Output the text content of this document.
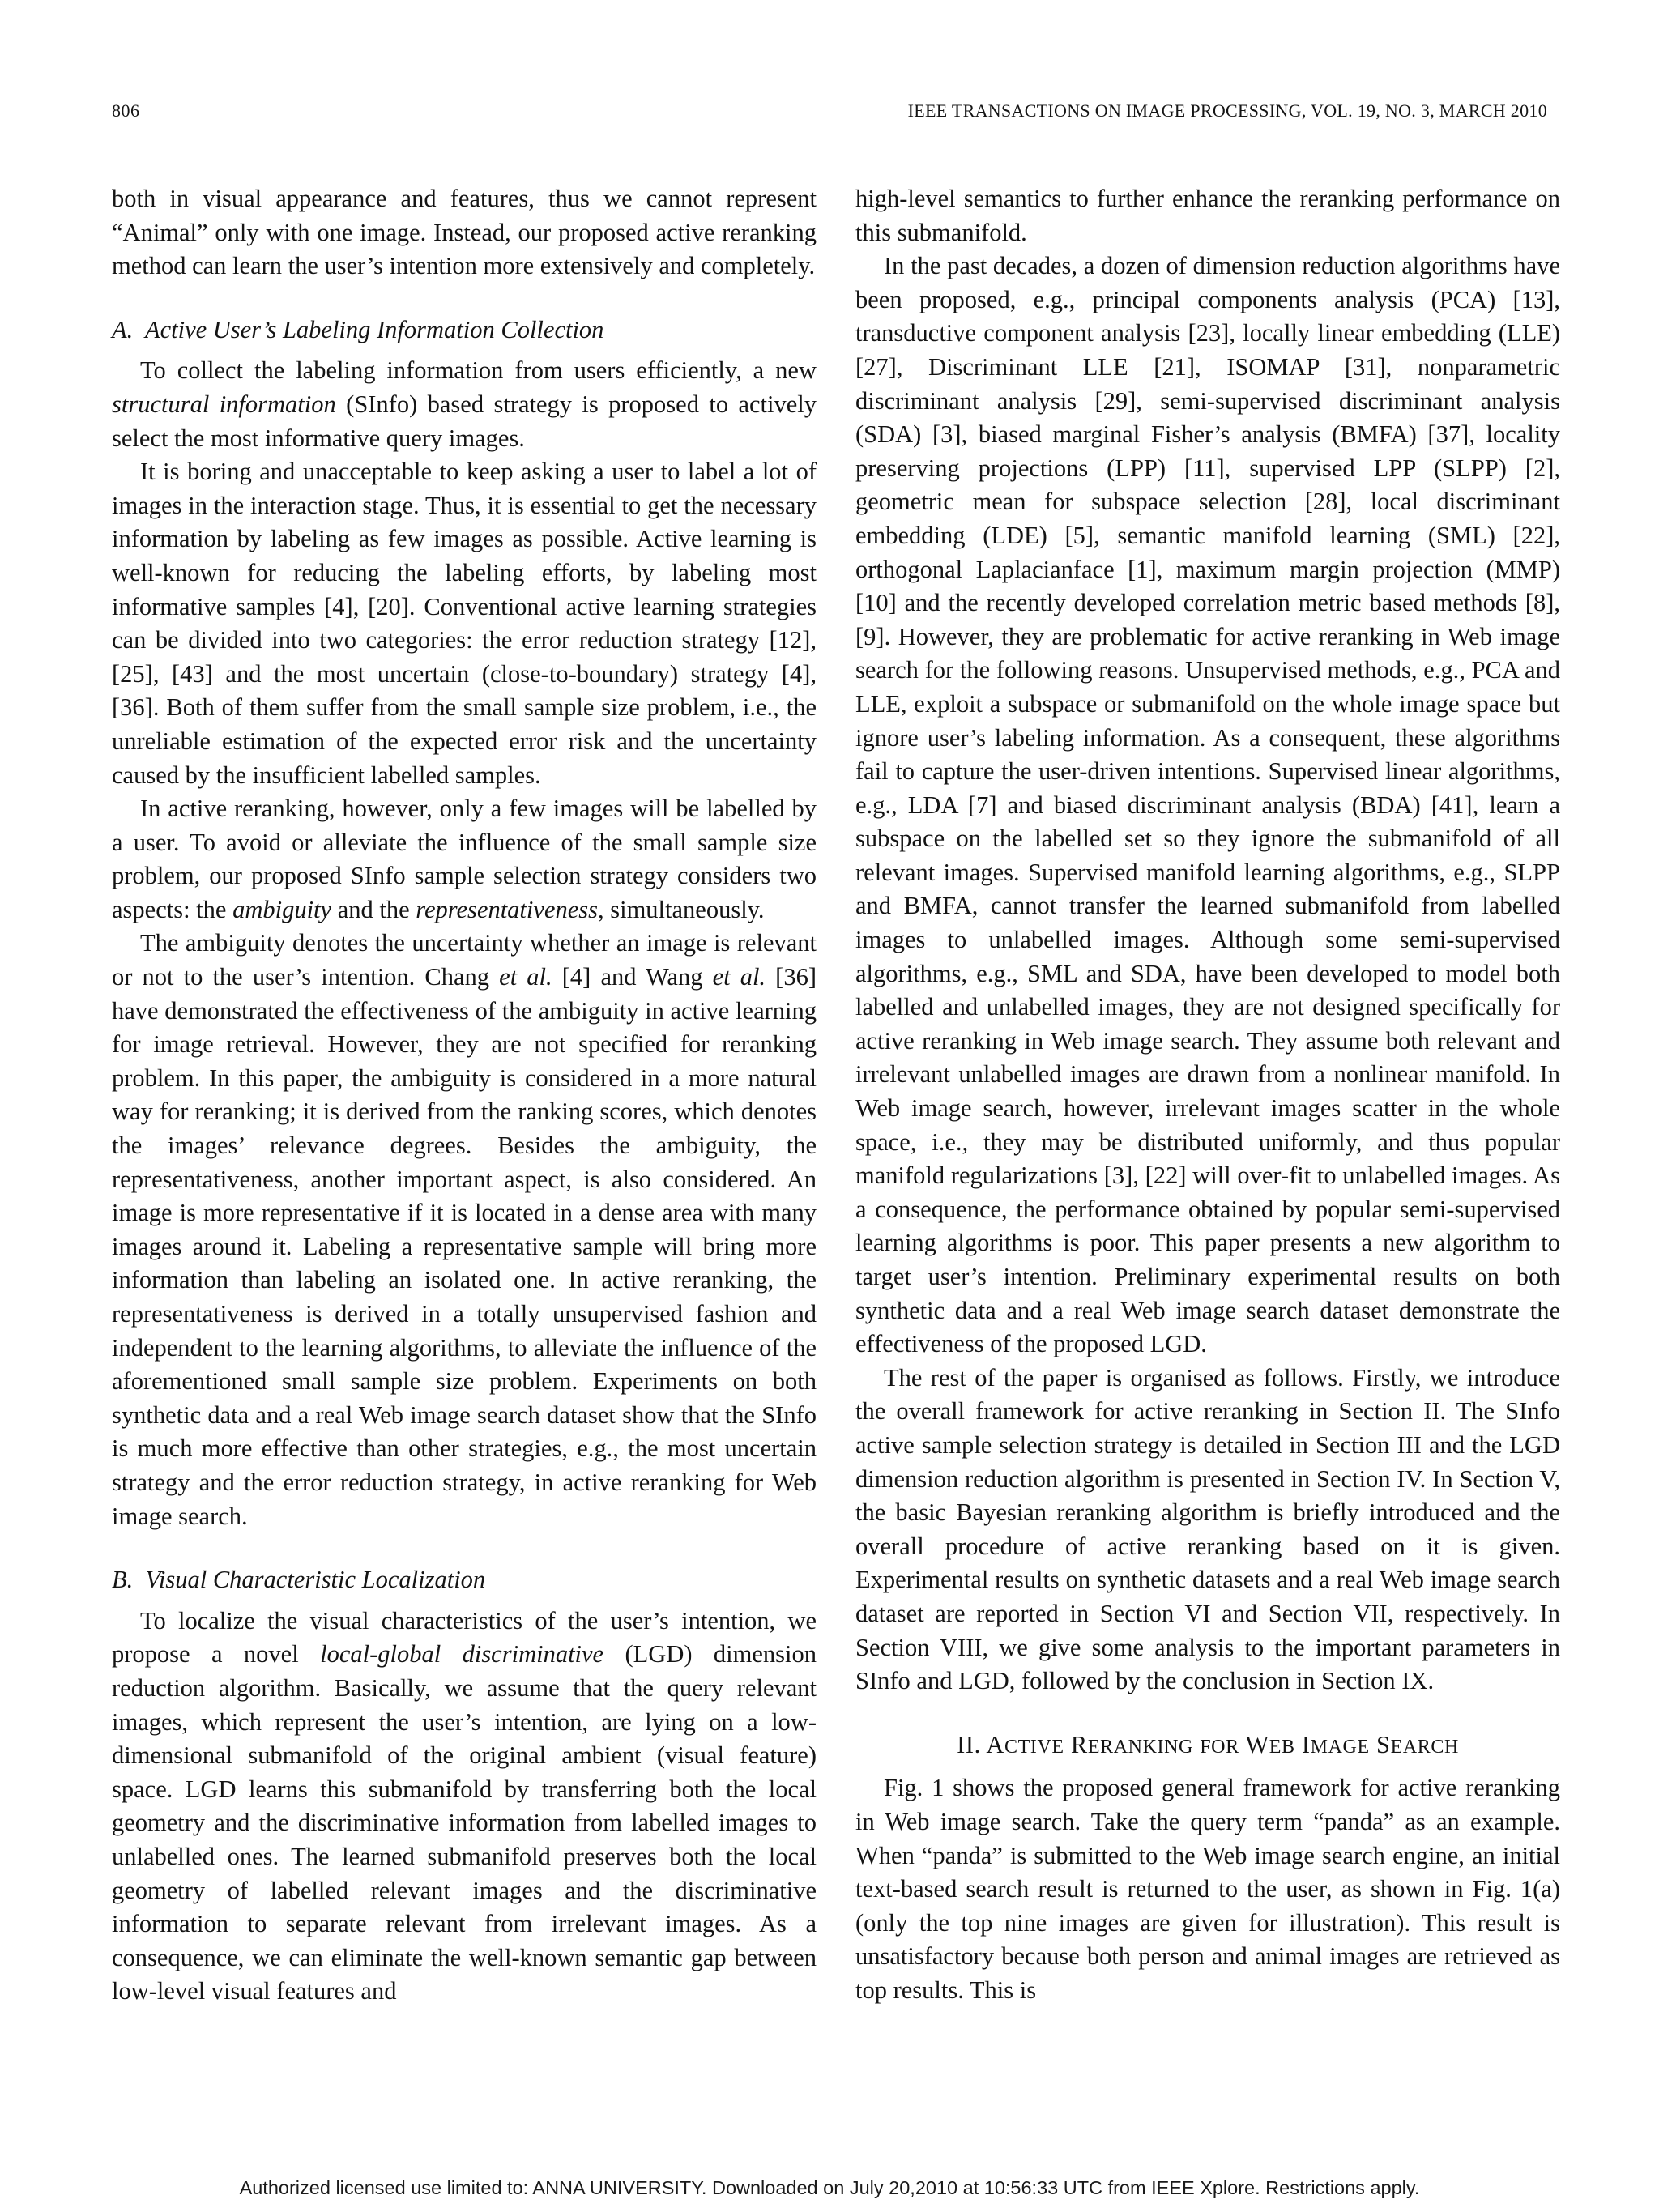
806	IEEE TRANSACTIONS ON IMAGE PROCESSING, VOL. 19, NO. 3, MARCH 2010

both in visual appearance and features, thus we cannot represent “Animal” only with one image. Instead, our proposed active reranking method can learn the user’s intention more extensively and completely.

A. Active User’s Labeling Information Collection

To collect the labeling information from users efficiently, a new structural information (SInfo) based strategy is proposed to actively select the most informative query images.

It is boring and unacceptable to keep asking a user to label a lot of images in the interaction stage. Thus, it is essential to get the necessary information by labeling as few images as possible. Active learning is well-known for reducing the labeling efforts, by labeling most informative samples [4], [20]. Conventional active learning strategies can be divided into two categories: the error reduction strategy [12], [25], [43] and the most uncertain (close-to-boundary) strategy [4], [36]. Both of them suffer from the small sample size problem, i.e., the unreliable estimation of the expected error risk and the uncertainty caused by the insufficient labelled samples.

In active reranking, however, only a few images will be labelled by a user. To avoid or alleviate the influence of the small sample size problem, our proposed SInfo sample selection strategy considers two aspects: the ambiguity and the representativeness, simultaneously.

The ambiguity denotes the uncertainty whether an image is relevant or not to the user’s intention. Chang et al. [4] and Wang et al. [36] have demonstrated the effectiveness of the ambiguity in active learning for image retrieval. However, they are not specified for reranking problem. In this paper, the ambiguity is considered in a more natural way for reranking; it is derived from the ranking scores, which denotes the images’ relevance degrees. Besides the ambiguity, the representativeness, another important aspect, is also considered. An image is more representative if it is located in a dense area with many images around it. Labeling a representative sample will bring more information than labeling an isolated one. In active reranking, the representativeness is derived in a totally unsupervised fashion and independent to the learning algorithms, to alleviate the influence of the aforementioned small sample size problem. Experiments on both synthetic data and a real Web image search dataset show that the SInfo is much more effective than other strategies, e.g., the most uncertain strategy and the error reduction strategy, in active reranking for Web image search.

B. Visual Characteristic Localization

To localize the visual characteristics of the user’s intention, we propose a novel local-global discriminative (LGD) dimension reduction algorithm. Basically, we assume that the query relevant images, which represent the user’s intention, are lying on a low-dimensional submanifold of the original ambient (visual feature) space. LGD learns this submanifold by transferring both the local geometry and the discriminative information from labelled images to unlabelled ones. The learned submanifold preserves both the local geometry of labelled relevant images and the discriminative information to separate relevant from irrelevant images. As a consequence, we can eliminate the well-known semantic gap between low-level visual features and

high-level semantics to further enhance the reranking performance on this submanifold.

In the past decades, a dozen of dimension reduction algorithms have been proposed, e.g., principal components analysis (PCA) [13], transductive component analysis [23], locally linear embedding (LLE) [27], Discriminant LLE [21], ISOMAP [31], nonparametric discriminant analysis [29], semi-supervised discriminant analysis (SDA) [3], biased marginal Fisher’s analysis (BMFA) [37], locality preserving projections (LPP) [11], supervised LPP (SLPP) [2], geometric mean for subspace selection [28], local discriminant embedding (LDE) [5], semantic manifold learning (SML) [22], orthogonal Laplacianface [1], maximum margin projection (MMP) [10] and the recently developed correlation metric based methods [8], [9]. However, they are problematic for active reranking in Web image search for the following reasons. Unsupervised methods, e.g., PCA and LLE, exploit a subspace or submanifold on the whole image space but ignore user’s labeling information. As a consequent, these algorithms fail to capture the user-driven intentions. Supervised linear algorithms, e.g., LDA [7] and biased discriminant analysis (BDA) [41], learn a subspace on the labelled set so they ignore the submanifold of all relevant images. Supervised manifold learning algorithms, e.g., SLPP and BMFA, cannot transfer the learned submanifold from labelled images to unlabelled images. Although some semi-supervised algorithms, e.g., SML and SDA, have been developed to model both labelled and unlabelled images, they are not designed specifically for active reranking in Web image search. They assume both relevant and irrelevant unlabelled images are drawn from a nonlinear manifold. In Web image search, however, irrelevant images scatter in the whole space, i.e., they may be distributed uniformly, and thus popular manifold regularizations [3], [22] will over-fit to unlabelled images. As a consequence, the performance obtained by popular semi-supervised learning algorithms is poor. This paper presents a new algorithm to target user’s intention. Preliminary experimental results on both synthetic data and a real Web image search dataset demonstrate the effectiveness of the proposed LGD.

The rest of the paper is organised as follows. Firstly, we introduce the overall framework for active reranking in Section II. The SInfo active sample selection strategy is detailed in Section III and the LGD dimension reduction algorithm is presented in Section IV. In Section V, the basic Bayesian reranking algorithm is briefly introduced and the overall procedure of active reranking based on it is given. Experimental results on synthetic datasets and a real Web image search dataset are reported in Section VI and Section VII, respectively. In Section VIII, we give some analysis to the important parameters in SInfo and LGD, followed by the conclusion in Section IX.

II. ACTIVE RERANKING FOR WEB IMAGE SEARCH

Fig. 1 shows the proposed general framework for active reranking in Web image search. Take the query term “panda” as an example. When “panda” is submitted to the Web image search engine, an initial text-based search result is returned to the user, as shown in Fig. 1(a) (only the top nine images are given for illustration). This result is unsatisfactory because both person and animal images are retrieved as top results. This is

Authorized licensed use limited to: ANNA UNIVERSITY. Downloaded on July 20,2010 at 10:56:33 UTC from IEEE Xplore. Restrictions apply.
